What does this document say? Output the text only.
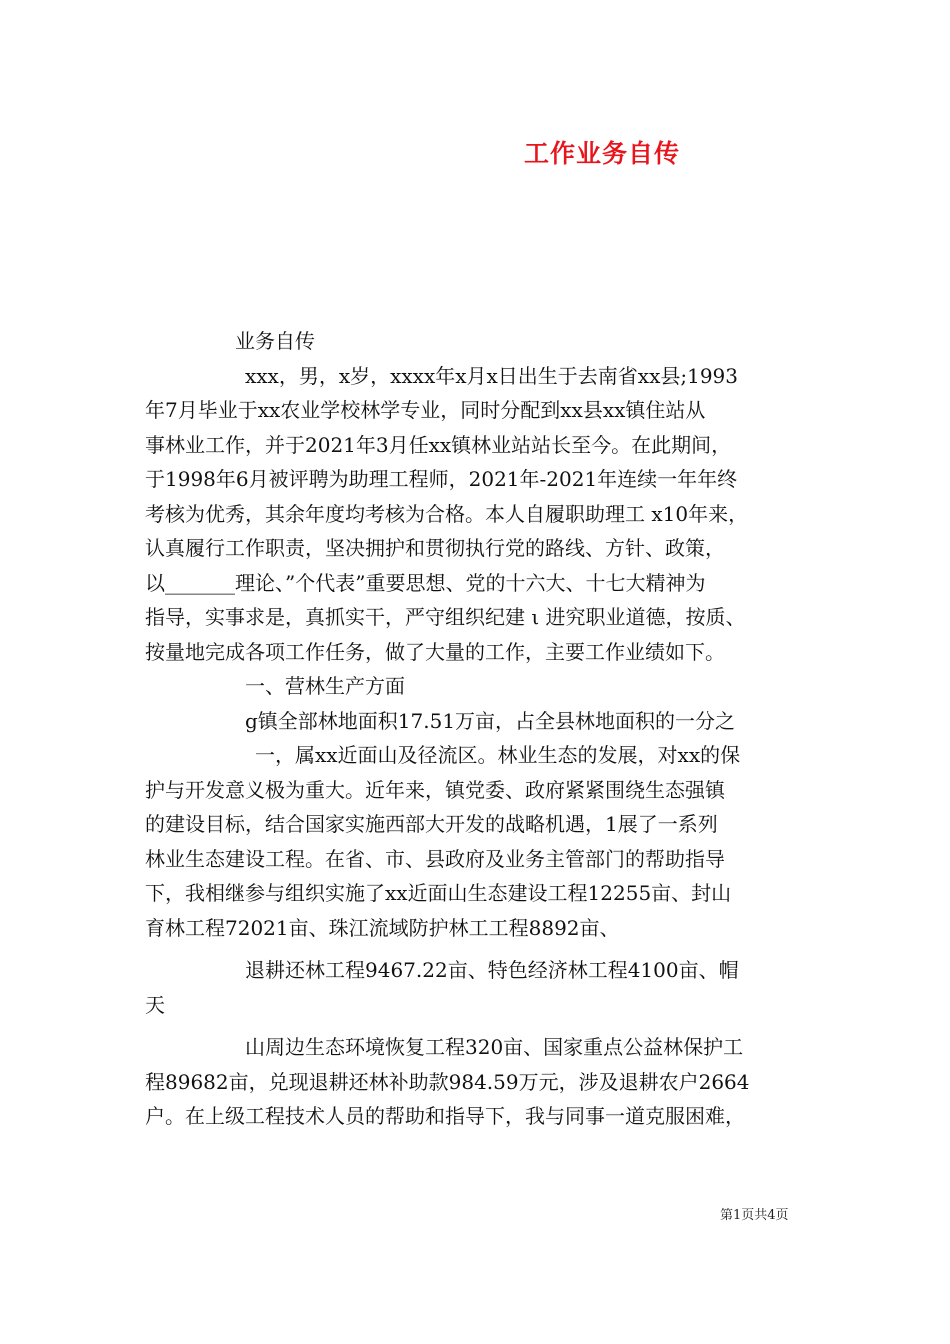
工作业务自传
业务自传
xxx，男，x岁，xxxx年x月x日出生于去南省xx县;1993
年7月毕业于xx农业学校林学专业，同时分配到xx县xx镇住站从
事林业工作，并于2021年3月任xx镇林业站站长至今。在此期间，
于1998年6月被评聘为助理工程师，2021年-2021年连续一年年终
考核为优秀，其余年度均考核为合格。本人自履职助理工 x10年来，
认真履行工作职责，坚决拥护和贯彻执行党的路线、方针、政策，
以_______理论、”个代表”重要思想、党的十六大、十七大精神为
指导，实事求是，真抓实干，严守组织纪建 ι 进究职业道德，按质、
按量地完成各项工作任务，做了大量的工作，主要工作业绩如下。
一、营林生产方面
g镇全部林地面积17.51万亩，占全县林地面积的一分之
一，属xx近面山及径流区。林业生态的发展，对xx的保
护与开发意义极为重大。近年来，镇党委、政府紧紧围绕生态强镇
的建设目标，结合国家实施西部大开发的战略机遇，1展了一系列
林业生态建设工程。在省、市、县政府及业务主管部门的帮助指导
下，我相继参与组织实施了xx近面山生态建设工程12255亩、封山
育林工程72021亩、珠江流域防护林工工程8892亩、
退耕还林工程9467.22亩、特色经济林工程4100亩、帽
天
山周边生态环境恢复工程320亩、国家重点公益林保护工
程89682亩，兑现退耕还林补助款984.59万元，涉及退耕农户2664
户。在上级工程技术人员的帮助和指导下，我与同事一道克服困难，
第1页共4页
